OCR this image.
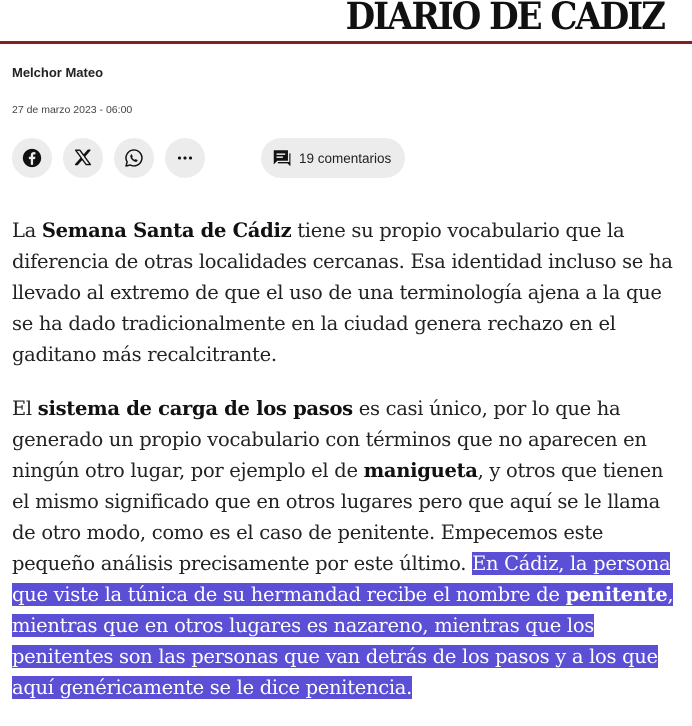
DIARIO DE CADIZ
Melchor Mateo
27 de marzo 2023 - 06:00
19 comentarios

La Semana Santa de Cádiz tiene su propio vocabulario que la diferencia de otras localidades cercanas. Esa identidad incluso se ha llevado al extremo de que el uso de una terminología ajena a la que se ha dado tradicionalmente en la ciudad genera rechazo en el gaditano más recalcitrante.

El sistema de carga de los pasos es casi único, por lo que ha generado un propio vocabulario con términos que no aparecen en ningún otro lugar, por ejemplo el de manigueta, y otros que tienen el mismo significado que en otros lugares pero que aquí se le llama de otro modo, como es el caso de penitente. Empecemos este pequeño análisis precisamente por este último. En Cádiz, la persona que viste la túnica de su hermandad recibe el nombre de penitente, mientras que en otros lugares es nazareno, mientras que los penitentes son las personas que van detrás de los pasos y a los que aquí genéricamente se le dice penitencia.
